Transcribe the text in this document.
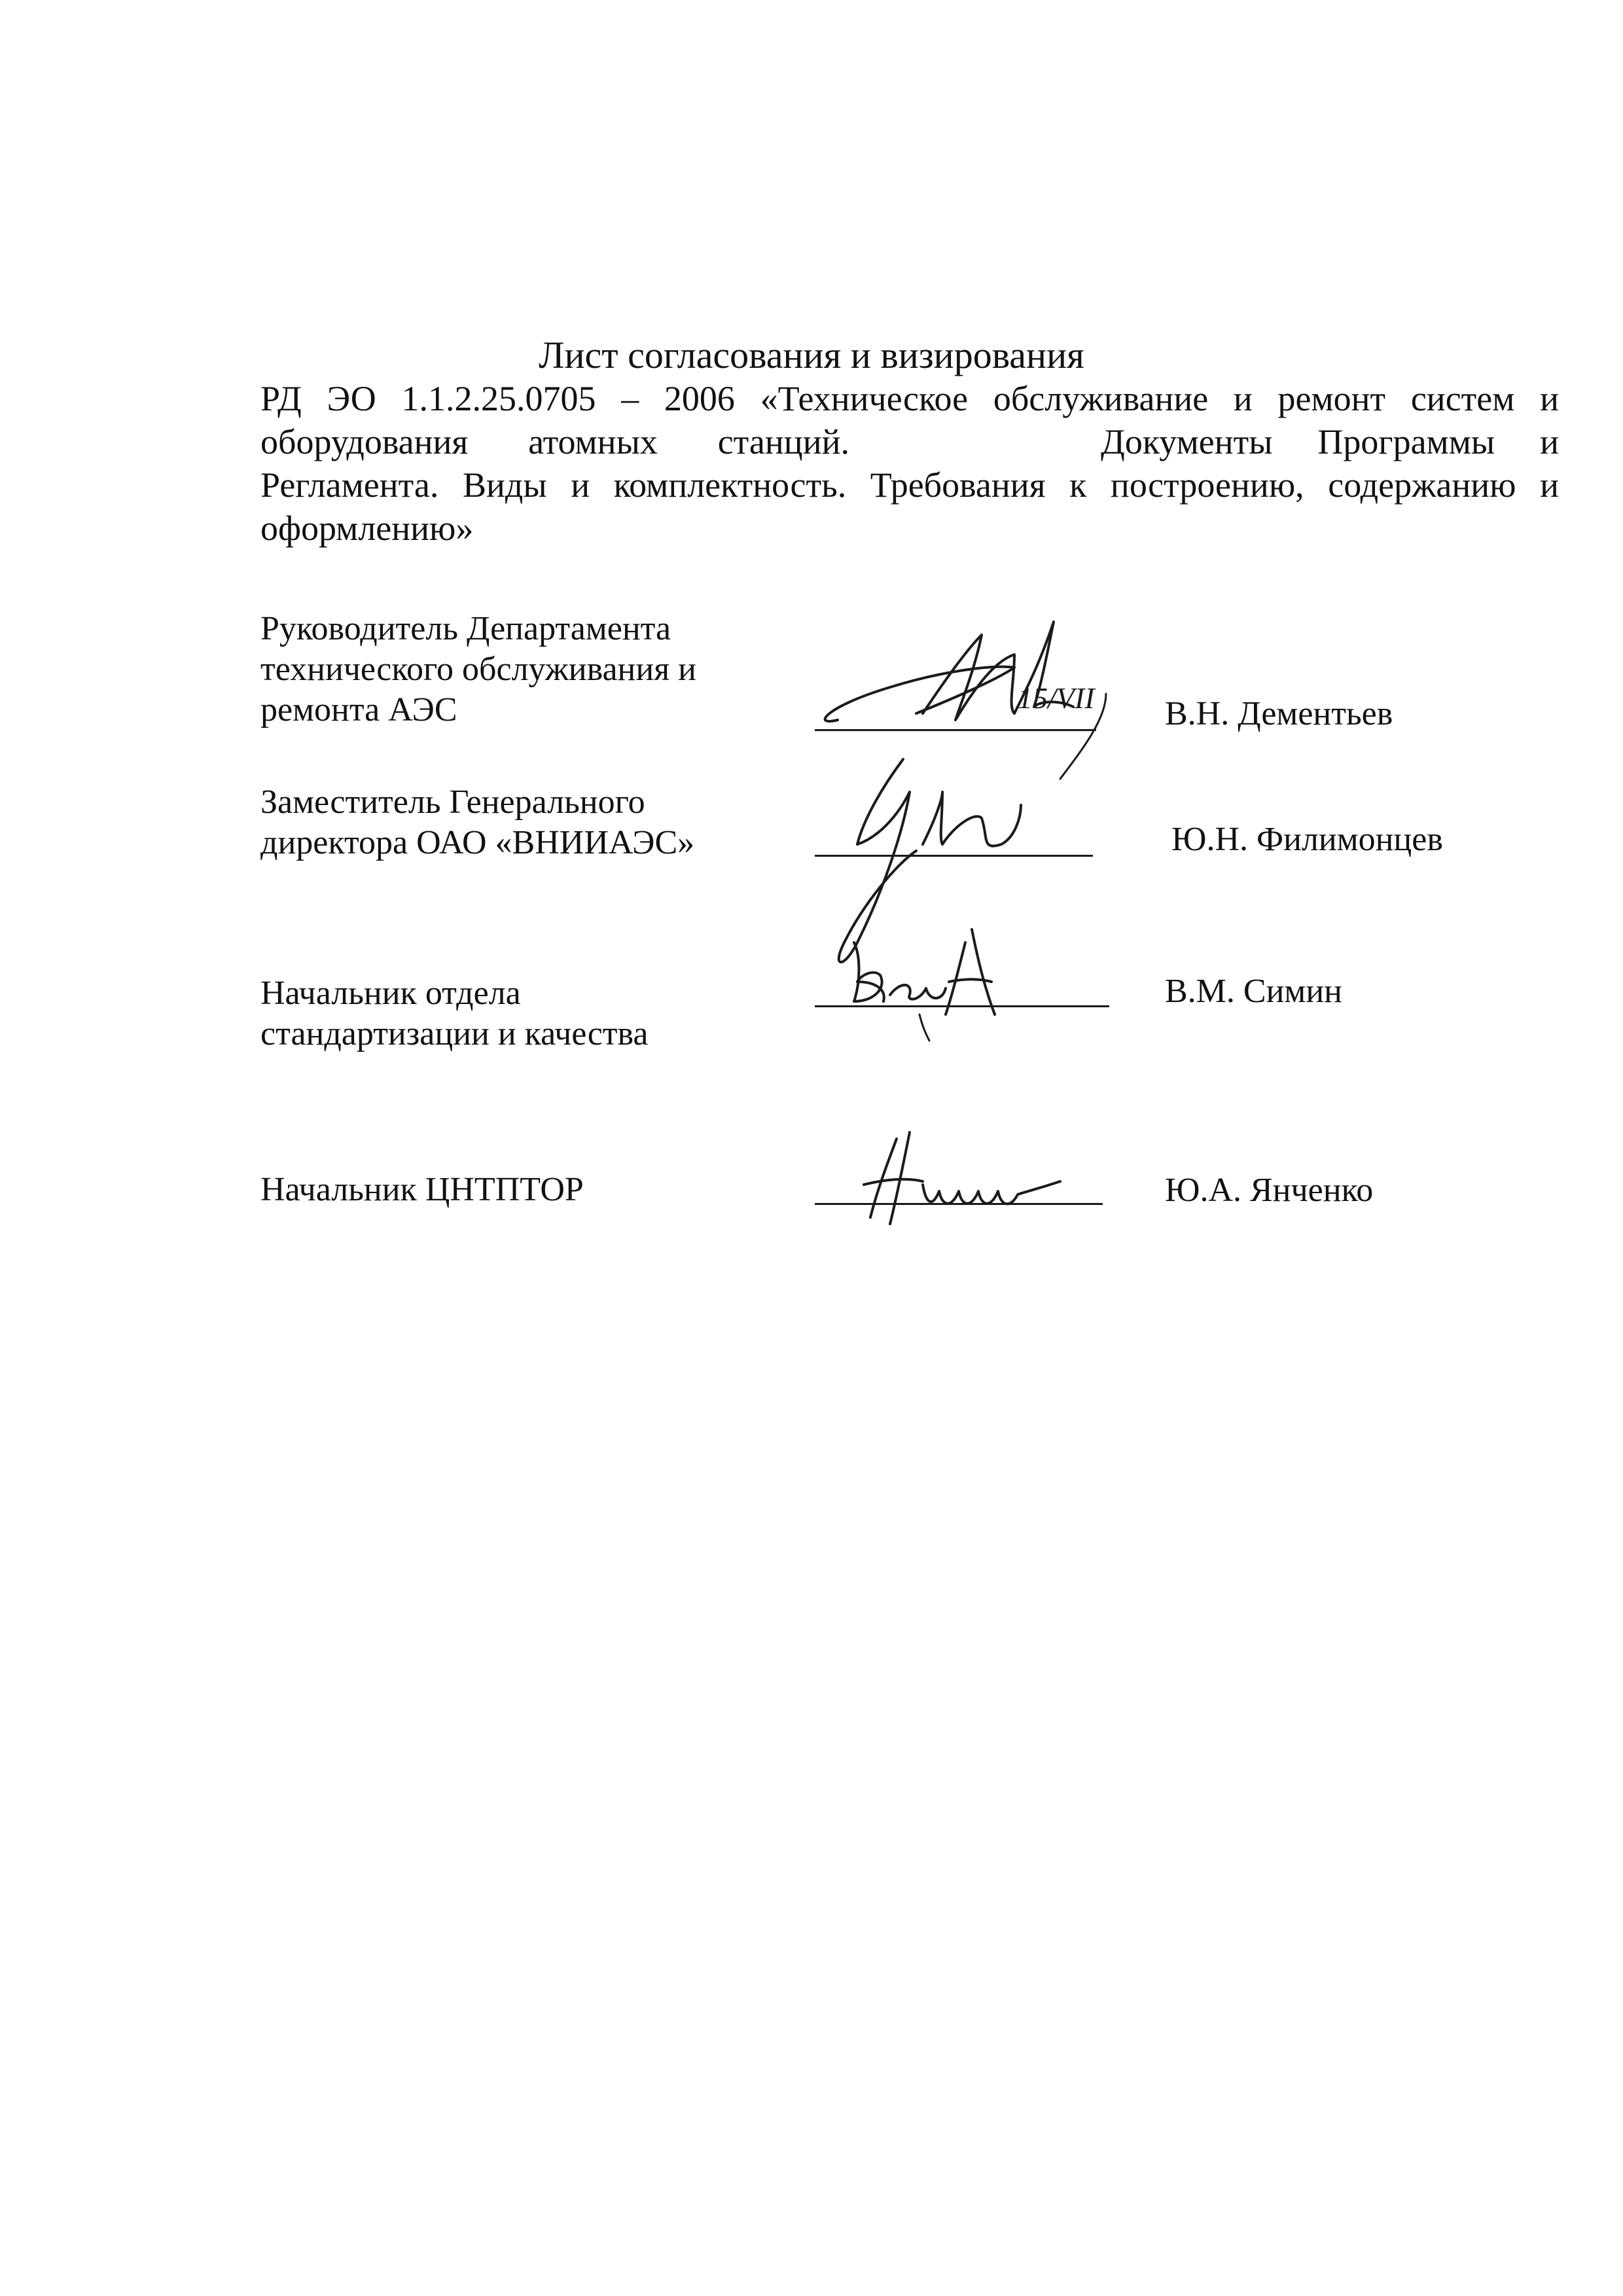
Лист согласования и визирования
РД ЭО 1.1.2.25.0705 – 2006 «Техническое обслуживание и ремонт систем и
оборудования атомных станций.	Документы Программы и
Регламента. Виды и комплектность. Требования к построению, содержанию и
оформлению»
Руководитель Департамента
технического обслуживания и
ремонта АЭС	15/VII В.Н. Дементьев
Заместитель Генерального
директора ОАО «ВНИИАЭС»	Ю.Н. Филимонцев
Начальник отдела
стандартизации и качества
В.М. Симин
Начальник ЦНТПТОР	Ю.А. Янченко
